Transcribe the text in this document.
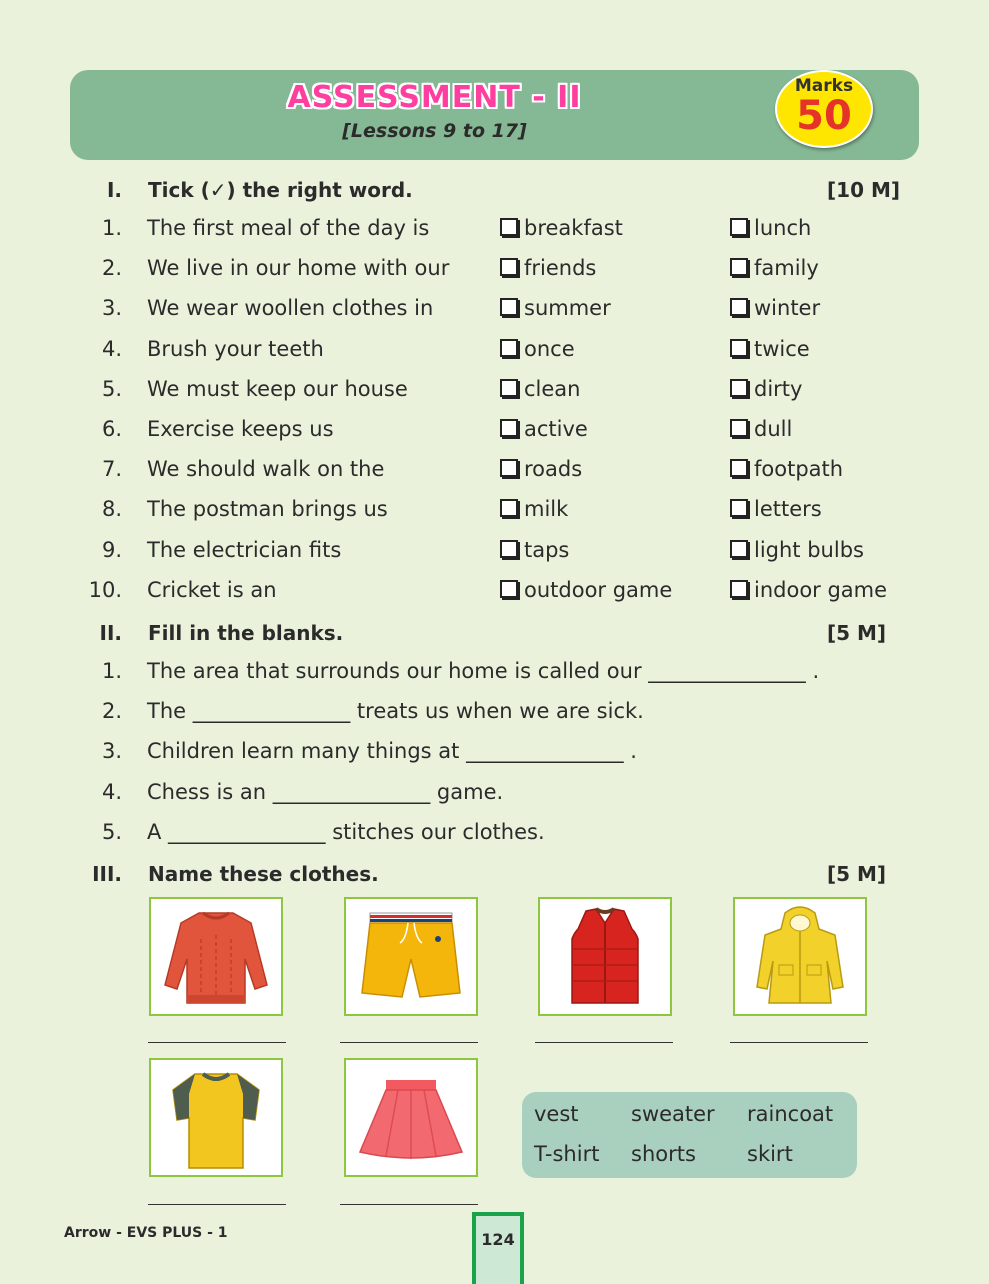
ASSESSMENT - II
[Lessons 9 to 17]
Marks
50
I. Tick (✓) the right word.	[10 M]
1. The first meal of the day is	breakfast	lunch
2. We live in our home with our	friends	family
3. We wear woollen clothes in	summer	winter
4. Brush your teeth	once	twice
5. We must keep our house	clean	dirty
6. Exercise keeps us	active	dull
7. We should walk on the	roads	footpath
8. The postman brings us	milk	letters
9. The electrician fits	taps	light bulbs
10. Cricket is an	outdoor game	indoor game
II. Fill in the blanks.	[5 M]
1. The area that surrounds our home is called our _______________ .
2. The _______________ treats us when we are sick.
3. Children learn many things at _______________ .
4. Chess is an _______________ game.
5. A _______________ stitches our clothes.
III. Name these clothes.	[5 M]
vest sweater raincoat
T-shirt shorts skirt
Arrow - EVS PLUS - 1	124
